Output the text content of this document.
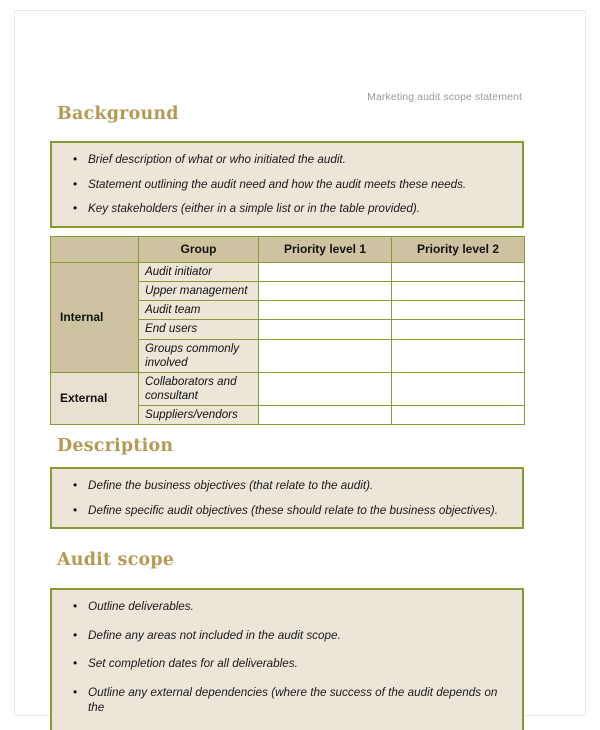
Marketing audit scope statement
Background
• Brief description of what or who initiated the audit.
• Statement outlining the audit need and how the audit meets these needs.
• Key stakeholders (either in a simple list or in the table provided).
	Group	Priority level 1	Priority level 2
Internal	Audit initiator		
	Upper management		
	Audit team		
	End users		
	Groups commonly involved		
External	Collaborators and consultant		
	Suppliers/vendors		
Description
• Define the business objectives (that relate to the audit).
• Define specific audit objectives (these should relate to the business objectives).
Audit scope
• Outline deliverables.
• Define any areas not included in the audit scope.
• Set completion dates for all deliverables.
• Outline any external dependencies (where the success of the audit depends on the
